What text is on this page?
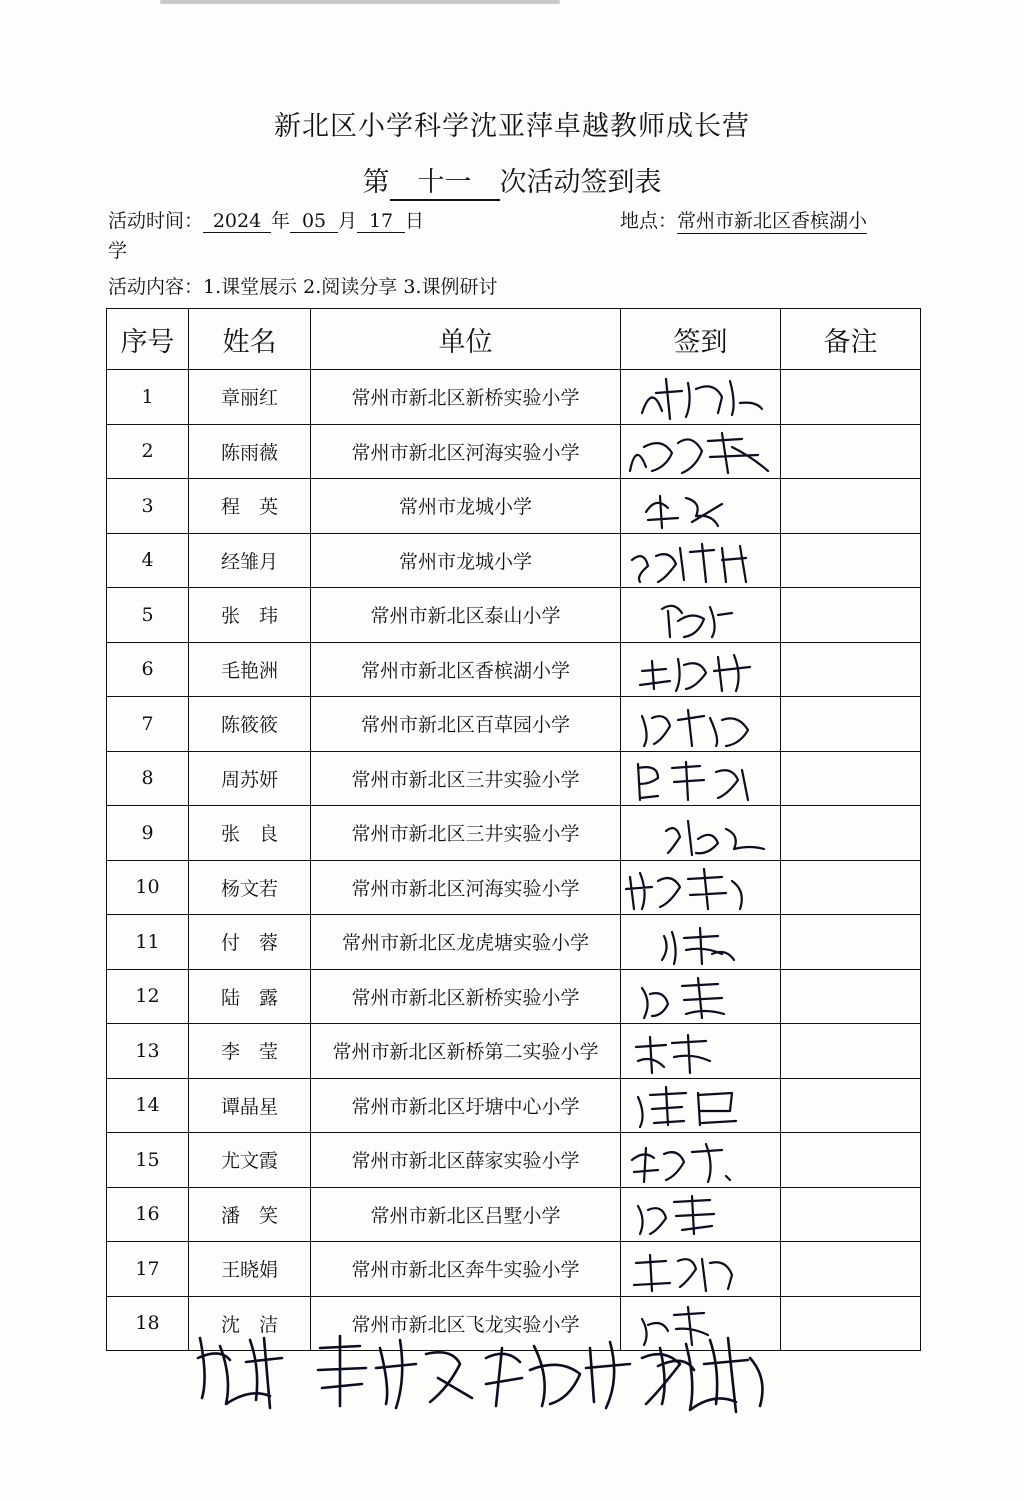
新北区小学科学沈亚萍卓越教师成长营
第 十一 次活动签到表
活动时间： 2024 年 05 月 17 日	地点：常州市新北区香槟湖小
学
活动内容：1.课堂展示 2.阅读分享 3.课例研讨
序号	姓名	单位	签到	备注
1	章丽红	常州市新北区新桥实验小学	

2	陈雨薇	常州市新北区河海实验小学	

3	程　英	常州市龙城小学	

4	经雏月	常州市龙城小学	

5	张　玮	常州市新北区泰山小学	

6	毛艳洲	常州市新北区香槟湖小学	

7	陈筱筱	常州市新北区百草园小学	

8	周苏妍	常州市新北区三井实验小学	

9	张　良	常州市新北区三井实验小学	

10	杨文若	常州市新北区河海实验小学	

11	付　蓉	常州市新北区龙虎塘实验小学	

12	陆　露	常州市新北区新桥实验小学	

13	李　莹	常州市新北区新桥第二实验小学	

14	谭晶星	常州市新北区圩塘中心小学	

15	尤文霞	常州市新北区薛家实验小学	

16	潘　笑	常州市新北区吕墅小学	

17	王晓娟	常州市新北区奔牛实验小学	

18	沈　洁	常州市新北区飞龙实验小学	
